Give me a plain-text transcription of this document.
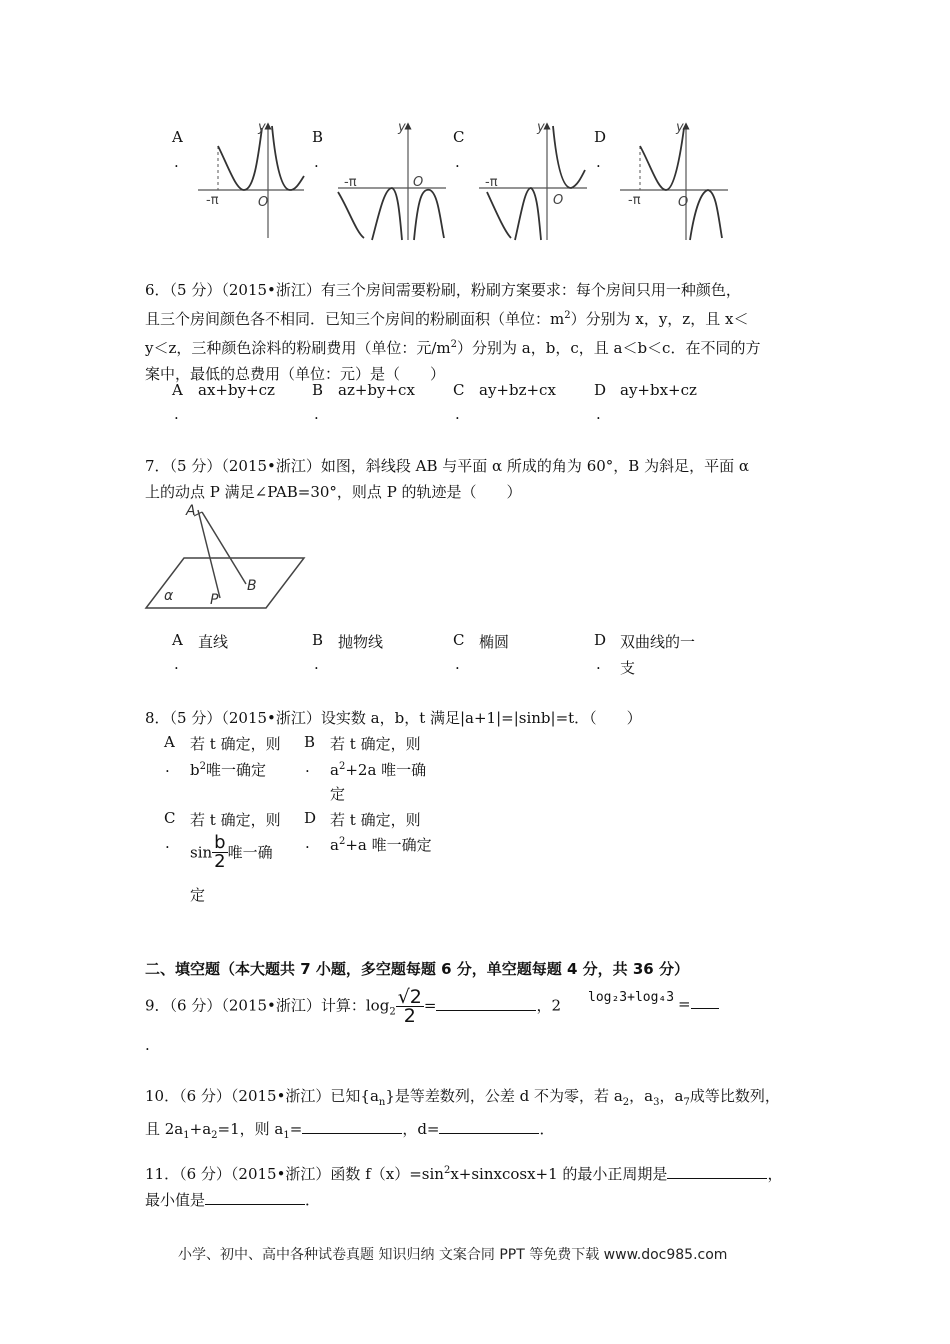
A
.
B
.
C
.
D
.
y
O
-π
y
O
-π
y
O
-π
y
O
-π
6．（5 分）（2015•浙江）有三个房间需要粉刷，粉刷方案要求：每个房间只用一种颜色，
且三个房间颜色各不相同．已知三个房间的粉刷面积（单位：$m^2$）分别为 x，y，z，且 x＜
y＜z，三种颜色涂料的粉刷费用（单位：元$/m^2$）分别为 a，b，c，且 a＜b＜c．在不同的方
案中，最低的总费用（单位：元）是（　　）
A ax+by+cz
.
B az+by+cx
.
C ay+bz+cx
.
D ay+bx+cz
.
7．（5 分）（2015•浙江）如图，斜线段 AB 与平面 α 所成的角为 60°，B 为斜足，平面 α
上的动点 P 满足∠PAB=30°，则点 P 的轨迹是（　　）
A
B
P
α
A 直线
.
B 抛物线
.
C 椭圆
.
D 双曲线的一
. 支
8．（5 分）（2015•浙江）设实数 a，b，t 满足|a+1|=|sinb|=t．（　　）
A
.
若 t 确定，则
$b^2$唯一确定
B
.
若 t 确定，则
$a^2+2a$ 唯一确
定
C
.
若 t 确定，则
$\sin \frac{b}{2}$ 唯一确
定
D
.
若 t 确定，则
$a^2+a$ 唯一确定
二、填空题（本大题共 7 小题，多空题每题 6 分，单空题每题 4 分，共 36 分）
9．（6 分）（2015•浙江）计算：$\log_2 \frac{√2}{2}$ =	，2 log₂3+log₄3 =
.
10．（6 分）（2015•浙江）已知$\{a_n\}$是等差数列，公差 d 不为零，若 $a_2$，$a_3$，$a_7$成等比数列，
且 $2a_1+a_2=1$，则 $a_1=$	，d=	．
11．（6 分）（2015•浙江）函数 $f(x)=\sin^2x+sinxcosx+1$ 的最小正周期是	，
最小值是	．
小学、初中、高中各种试卷真题 知识归纳 文案合同 PPT 等免费下载 www.doc985.com
